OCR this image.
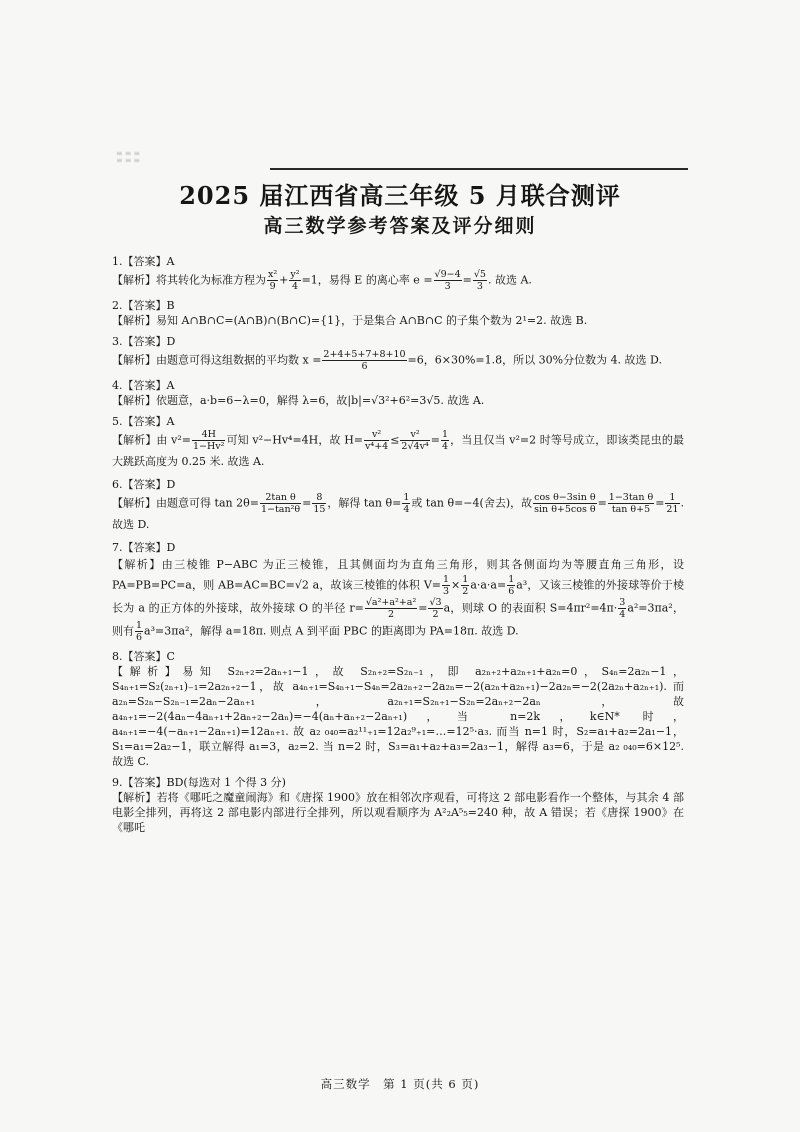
≡≡≡
≡≡≡
2025 届江西省高三年级 5 月联合测评
高三数学参考答案及评分细则
1.【答案】A
【解析】将其转化为标准方程为 $\frac{\text{x²}}{9} + \frac{\text{y²}}{4} =1$，易得 E 的离心率 $e = \frac{√9-4}{3} = \frac{√5}{3}$ . 故选 A.
2.【答案】B
【解析】易知 A∩B∩C=(A∩B)∩(B∩C)={1}，于是集合 A∩B∩C 的子集个数为 2¹=2. 故选 B.
3.【答案】D
【解析】由题意可得这组数据的平均数 $x = \frac{2+4+5+7+8+10}{6} =6$，6×30%=1.8，所以 30%分位数为 4. 故选 D.
4.【答案】A
【解析】依题意，a·b=6−λ=0，解得 λ=6，故|b|=√3²+6²=3√5. 故选 A.
5.【答案】A
【解析】由 $v^2= \frac{4H}{\text{1−Hv²}}$ 可知 v²−Hv⁴=4H，故 $H= \frac{\text{v²}}{\text{v⁴+4}} \le \frac{\text{v²}}{\text{2√4v⁴}} = \frac{1}{4}$ ，当且仅当 v²=2 时等号成立，即该类昆虫的最大跳跃高度为 0.25 米. 故选 A.
6.【答案】D
【解析】由题意可得 $\tan 2\theta= \frac{\text{2tan θ}}{\text{1−tan²θ}} = \frac{8}{15}$ ，解得 $\tan \theta= \frac{1}{4}$ 或 tan θ=−4(舍去)，故 $\frac{\text{cos θ−3sin θ}}{\text{sin θ+5cos θ}} = \frac{\text{1−3tan θ}}{\text{tan θ+5}} = \frac{1}{21}$ . 故选 D.
7.【答案】D
【解析】由三棱锥 P−ABC 为正三棱锥，且其侧面均为直角三角形，则其各侧面均为等腰直角三角形，设 PA=PB=PC=a，则 AB=AC=BC=√2 a，故该三棱锥的体积 $V= \frac{1}{3} \times \frac{1}{2} a\cdot a\cdot a= \frac{1}{6} a^3$，又该三棱锥的外接球等价于棱长为 a 的正方体的外接球，故外接球 O 的半径 $r= \frac{\text{√a²+a²+a²}}{2} = \frac{√3}{2}$ a，则球 O 的表面积 $S=4\pi r^2=4\pi\cdot \frac{3}{4} a^2=3\pi a^2$，则有 $\frac{1}{6} a^3=3\pi a^2$，解得 a=18π. 则点 A 到平面 PBC 的距离即为 PA=18π. 故选 D.
8.【答案】C
【解析】易知 S₂ₙ₊₂=2aₙ₊₁−1，故 S₂ₙ₊₂=S₂ₙ₋₁，即 a₂ₙ₊₂+a₂ₙ₊₁+a₂ₙ=0，S₄ₙ=2a₂ₙ−1，S₄ₙ₊₁=S₂(₂ₙ₊₁)₋₁=2a₂ₙ₊₂−1，故 a₄ₙ₊₁=S₄ₙ₊₁−S₄ₙ=2a₂ₙ₊₂−2a₂ₙ=−2(a₂ₙ+a₂ₙ₊₁)−2a₂ₙ=−2(2a₂ₙ+a₂ₙ₊₁). 而 a₂ₙ=S₂ₙ−S₂ₙ₋₁=2aₙ−2aₙ₊₁，a₂ₙ₊₁=S₂ₙ₊₁−S₂ₙ=2aₙ₊₂−2aₙ，故 a₄ₙ₊₁=−2(4aₙ−4aₙ₊₁+2aₙ₊₂−2aₙ)=−4(aₙ+aₙ₊₂−2aₙ₊₁)，当 n=2k，k∈N* 时，a₄ₙ₊₁=−4(−aₙ₊₁−2aₙ₊₁)=12aₙ₊₁. 故 a₂ ₀₄₀=a₂¹¹₊₁=12a₂⁹₊₁=…=12⁵·a₃. 而当 n=1 时，S₂=a₁+a₂=2a₁−1，S₁=a₁=2a₂−1，联立解得 a₁=3，a₂=2. 当 n=2 时，S₃=a₁+a₂+a₃=2a₃−1，解得 a₃=6，于是 a₂ ₀₄₀=6×12⁵. 故选 C.
9.【答案】BD(每选对 1 个得 3 分)
【解析】若将《哪吒之魔童闹海》和《唐探 1900》放在相邻次序观看，可将这 2 部电影看作一个整体，与其余 4 部电影全排列，再将这 2 部电影内部进行全排列，所以观看顺序为 A²₂A⁵₅=240 种，故 A 错误；若《唐探 1900》在《哪吒
高三数学　第 1 页(共 6 页)
